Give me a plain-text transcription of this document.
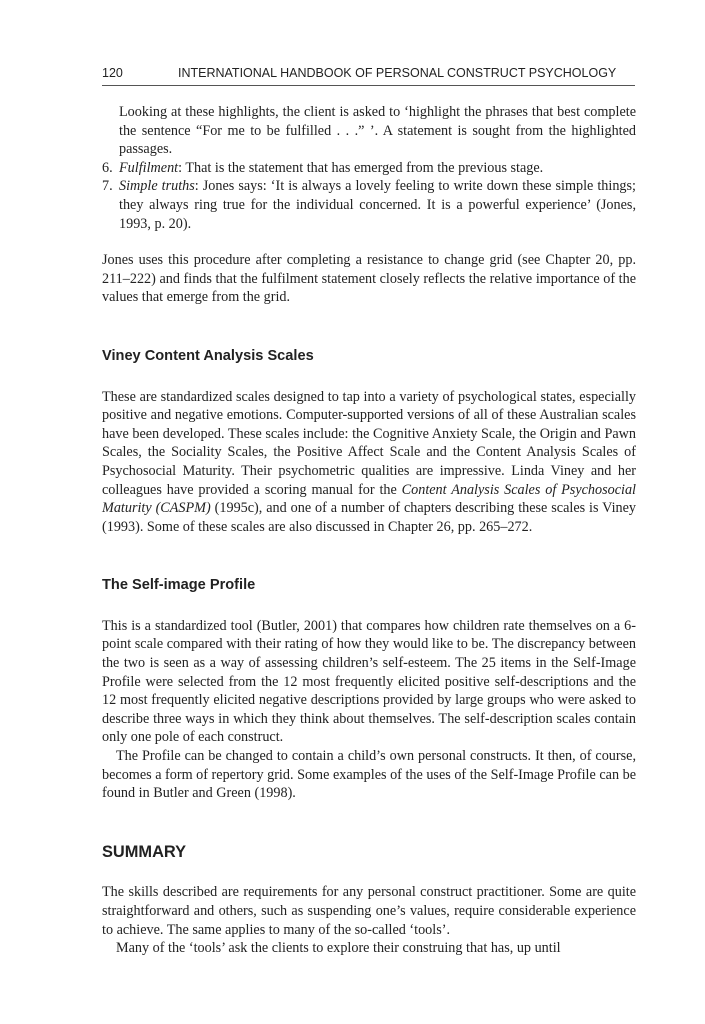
120	INTERNATIONAL HANDBOOK OF PERSONAL CONSTRUCT PSYCHOLOGY

Looking at these highlights, the client is asked to ‘highlight the phrases that best complete the sentence “For me to be fulfilled . . .” ’. A statement is sought from the highlighted passages.

6. Fulfilment: That is the statement that has emerged from the previous stage.

7. Simple truths: Jones says: ‘It is always a lovely feeling to write down these simple things; they always ring true for the individual concerned. It is a powerful experience’ (Jones, 1993, p. 20).

Jones uses this procedure after completing a resistance to change grid (see Chapter 20, pp. 211–222) and finds that the fulfilment statement closely reflects the relative importance of the values that emerge from the grid.

Viney Content Analysis Scales

These are standardized scales designed to tap into a variety of psychological states, especially positive and negative emotions. Computer-supported versions of all of these Australian scales have been developed. These scales include: the Cognitive Anxiety Scale, the Origin and Pawn Scales, the Sociality Scales, the Positive Affect Scale and the Content Analysis Scales of Psychosocial Maturity. Their psychometric qualities are impressive. Linda Viney and her colleagues have provided a scoring manual for the Content Analysis Scales of Psychosocial Maturity (CASPM) (1995c), and one of a number of chapters describing these scales is Viney (1993). Some of these scales are also discussed in Chapter 26, pp. 265–272.

The Self-image Profile

This is a standardized tool (Butler, 2001) that compares how children rate themselves on a 6-point scale compared with their rating of how they would like to be. The discrepancy between the two is seen as a way of assessing children’s self-esteem. The 25 items in the Self-Image Profile were selected from the 12 most frequently elicited positive self-descriptions and the 12 most frequently elicited negative descriptions provided by large groups who were asked to describe three ways in which they think about themselves. The self-description scales contain only one pole of each construct.

The Profile can be changed to contain a child’s own personal constructs. It then, of course, becomes a form of repertory grid. Some examples of the uses of the Self-Image Profile can be found in Butler and Green (1998).

SUMMARY

The skills described are requirements for any personal construct practitioner. Some are quite straightforward and others, such as suspending one’s values, require considerable experience to achieve. The same applies to many of the so-called ‘tools’.

Many of the ‘tools’ ask the clients to explore their construing that has, up until
